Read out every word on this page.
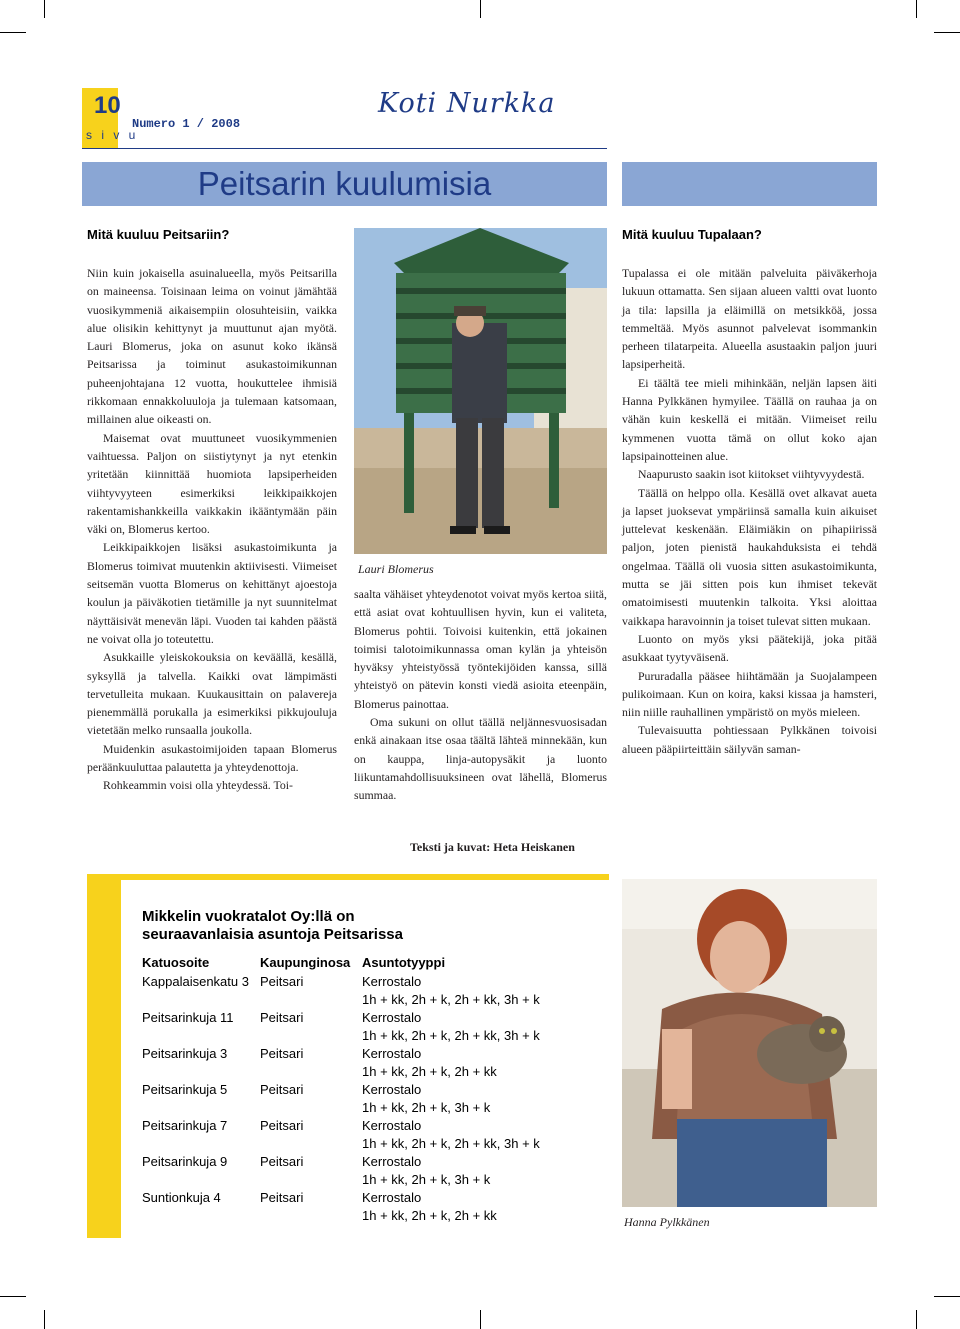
10
s i v u
Numero 1 / 2008
Koti Nurkka
Peitsarin kuulumisia
Mitä kuuluu Peitsariin?

Niin kuin jokaisella asuinalueella, myös Peitsarilla on maineensa. Toisinaan leima on voinut jämähtää vuosikymmeniä aikaisempiin olosuhteisiin, vaikka alue olisikin kehittynyt ja muuttunut ajan myötä. Lauri Blomerus, joka on asunut koko ikänsä Peitsarissa ja toiminut asukastoimikunnan puheenjohtajana 12 vuotta, houkuttelee ihmisiä rikkomaan ennakkoluuloja ja tulemaan katsomaan, millainen alue oikeasti on.

Maisemat ovat muuttuneet vuosikymmenien vaihtuessa. Paljon on siistiytynyt ja nyt etenkin yritetään kiinnittää huomiota lapsiperheiden viihtyvyyteen esimerkiksi leikkipaikkojen rakentamishankkeilla vaikkakin ikääntymään päin väki on, Blomerus kertoo.

Leikkipaikkojen lisäksi asukastoimikunta ja Blomerus toimivat muutenkin aktiivisesti. Viimeiset seitsemän vuotta Blomerus on kehittänyt ajoestoja koulun ja päiväkotien tietämille ja nyt suunnitelmat näyttäisivät menevän läpi. Vuoden tai kahden päästä ne voivat olla jo toteutettu.

Asukkaille yleiskokouksia on keväällä, kesällä, syksyllä ja talvella. Kaikki ovat lämpimästi tervetulleita mukaan. Kuukausittain on palavereja pienemmällä porukalla ja esimerkiksi pikkujouluja vietetään melko runsaalla joukolla.

Muidenkin asukastoimijoiden tapaan Blomerus peräänkuuluttaa palautetta ja yhteydenottoja.

Rohkeammin voisi olla yhteydessä. Toi-

Lauri Blomerus

saalta vähäiset yhteydenotot voivat myös kertoa siitä, että asiat ovat kohtuullisen hyvin, kun ei valiteta, Blomerus pohtii. Toivoisi kuitenkin, että jokainen toimisi talotoimikunnassa oman kylän ja yhteisön hyväksy yhteistyössä työntekijöiden kanssa, sillä yhteistyö on pätevin konsti viedä asioita eteenpäin, Blomerus painottaa.

Oma sukuni on ollut täällä neljännesvuosisadan enkä ainakaan itse osaa täältä lähteä minnekään, kun on kauppa, linja-autopysäkit ja luonto liikuntamahdollisuuksineen ovat lähellä, Blomerus summaa.

Teksti ja kuvat: Heta Heiskanen
Mitä kuuluu Tupalaan?

Tupalassa ei ole mitään palveluita päiväkerhoja lukuun ottamatta. Sen sijaan alueen valtti ovat luonto ja tila: lapsilla ja eläimillä on metsikköä, jossa temmeltää. Myös asunnot palvelevat isommankin perheen tilatarpeita. Alueella asustaakin paljon juuri lapsiperheitä.

Ei täältä tee mieli mihinkään, neljän lapsen äiti Hanna Pylkkänen hymyilee. Täällä on rauhaa ja on vähän kuin keskellä ei mitään. Viimeiset reilu kymmenen vuotta tämä on ollut koko ajan lapsipainotteinen alue.

Naapurusto saakin isot kiitokset viihtyvyydestä.

Täällä on helppo olla. Kesällä ovet alkavat aueta ja lapset juoksevat ympäriinsä samalla kuin aikuiset juttelevat keskenään. Eläimiäkin on pihapiirissä paljon, joten pienistä haukahduksista ei tehdä ongelmaa. Täällä oli vuosia sitten asukastoimikunta, mutta se jäi sitten pois kun ihmiset tekevät omatoimisesti muutenkin talkoita. Yksi aloittaa vaikkapa haravoinnin ja toiset tulevat sitten mukaan.

Luonto on myös yksi päätekijä, joka pitää asukkaat tyytyväisenä.

Pururadalla pääsee hiihtämään ja Suojalampeen pulikoimaan. Kun on koira, kaksi kissaa ja hamsteri, niin niille rauhallinen ympäristö on myös mieleen.

Tulevaisuutta pohtiessaan Pylkkänen toivoisi alueen pääpiirteittäin säilyvän saman-

Mikkelin vuokratalot Oy:llä on
seuraavanlaisia asuntoja Peitsarissa
Katuosoite	Kaupunginosa Asuntotyyppi
Kappalaisenkatu 3 Peitsari	Kerrostalo
1h + kk, 2h + k, 2h + kk, 3h + k
Peitsarinkuja 11 Peitsari	Kerrostalo
1h + kk, 2h + k, 2h + kk, 3h + k
Peitsarinkuja 3	Peitsari	Kerrostalo
1h + kk, 2h + k, 2h + kk
Peitsarinkuja 5	Peitsari	Kerrostalo
1h + kk, 2h + k, 3h + k
Peitsarinkuja 7	Peitsari	Kerrostalo
1h + kk, 2h + k, 2h + kk, 3h + k
Peitsarinkuja 9	Peitsari	Kerrostalo
1h + kk, 2h + k, 3h + k
Suntionkuja 4	Peitsari	Kerrostalo
1h + kk, 2h + k, 2h + kk	Hanna Pylkkänen
